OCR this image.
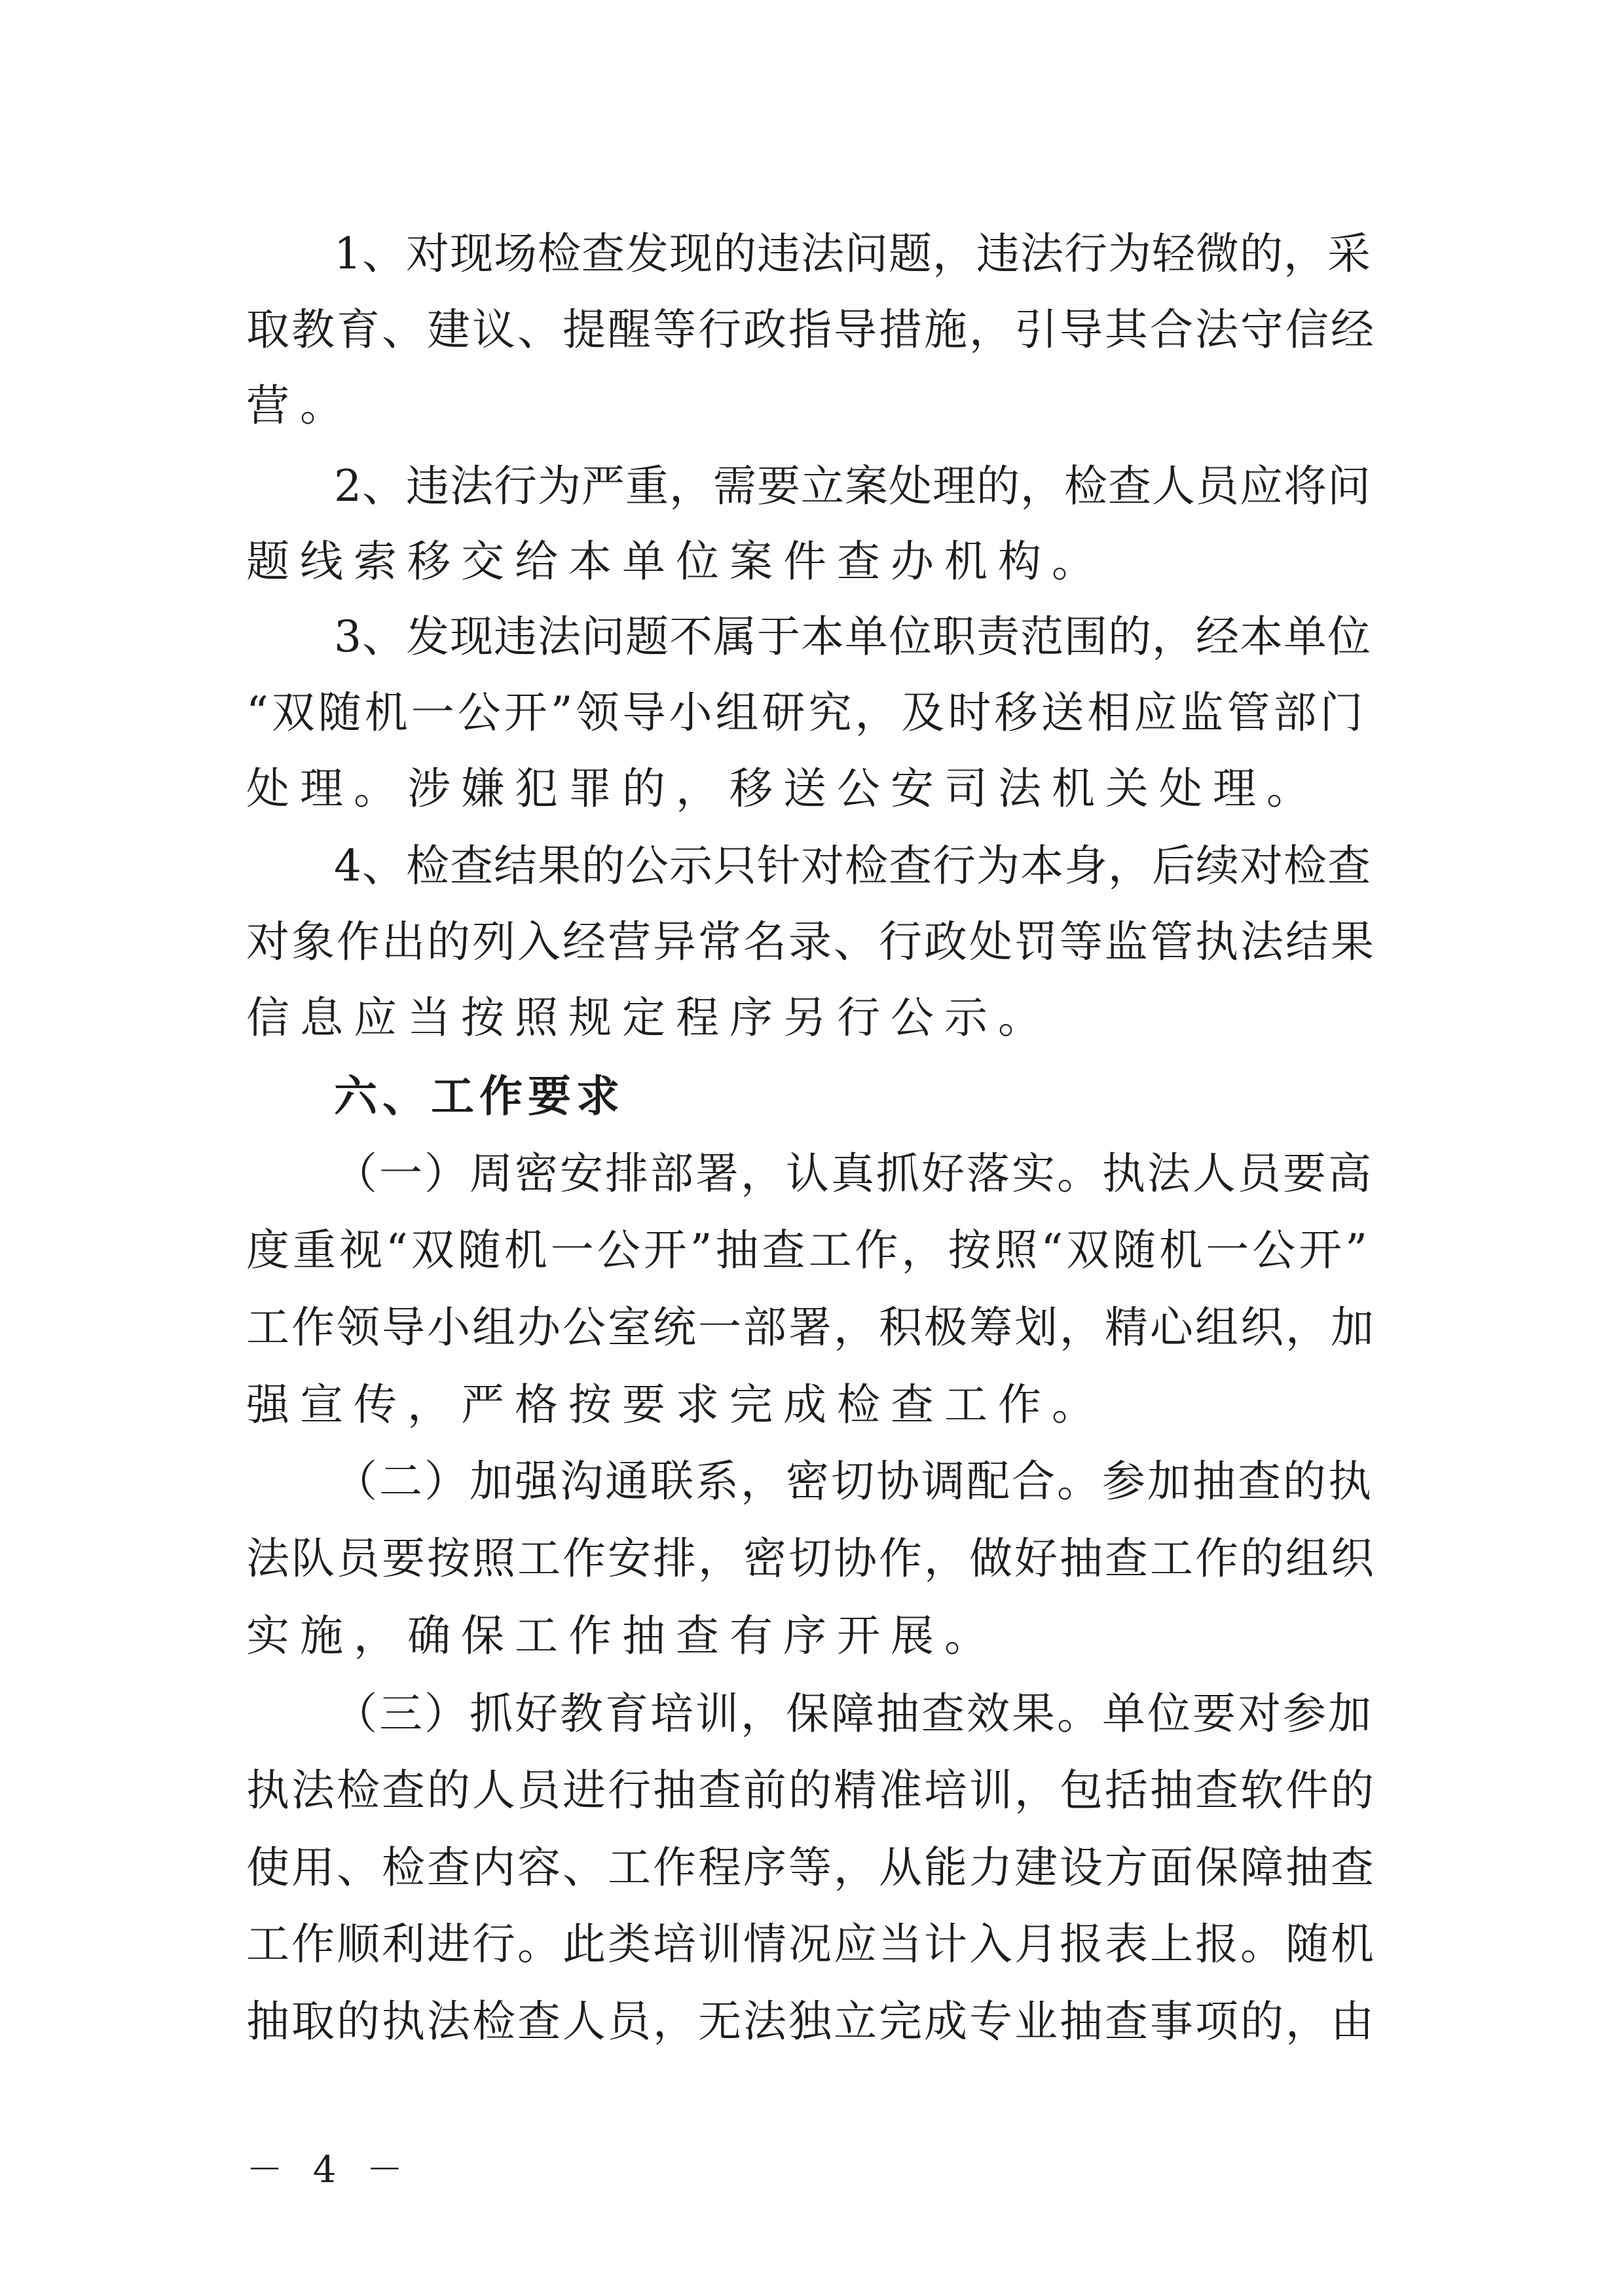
1、对现场检查发现的违法问题，违法行为轻微的，采
取教育、建议、提醒等行政指导措施，引导其合法守信经
营。
2、违法行为严重，需要立案处理的，检查人员应将问
题线索移交给本单位案件查办机构。
3、发现违法问题不属于本单位职责范围的，经本单位
“双随机一公开”领导小组研究，及时移送相应监管部门
处理。涉嫌犯罪的，移送公安司法机关处理。
4、检查结果的公示只针对检查行为本身，后续对检查
对象作出的列入经营异常名录、行政处罚等监管执法结果
信息应当按照规定程序另行公示。
六、工作要求
（一）周密安排部署，认真抓好落实。执法人员要高
度重视“双随机一公开”抽查工作，按照“双随机一公开”
工作领导小组办公室统一部署，积极筹划，精心组织，加
强宣传，严格按要求完成检查工作。
（二）加强沟通联系，密切协调配合。参加抽查的执
法队员要按照工作安排，密切协作，做好抽查工作的组织
实施，确保工作抽查有序开展。
（三）抓好教育培训，保障抽查效果。单位要对参加
执法检查的人员进行抽查前的精准培训，包括抽查软件的
使用、检查内容、工作程序等，从能力建设方面保障抽查
工作顺利进行。此类培训情况应当计入月报表上报。随机
抽取的执法检查人员，无法独立完成专业抽查事项的，由
－ 4 －
